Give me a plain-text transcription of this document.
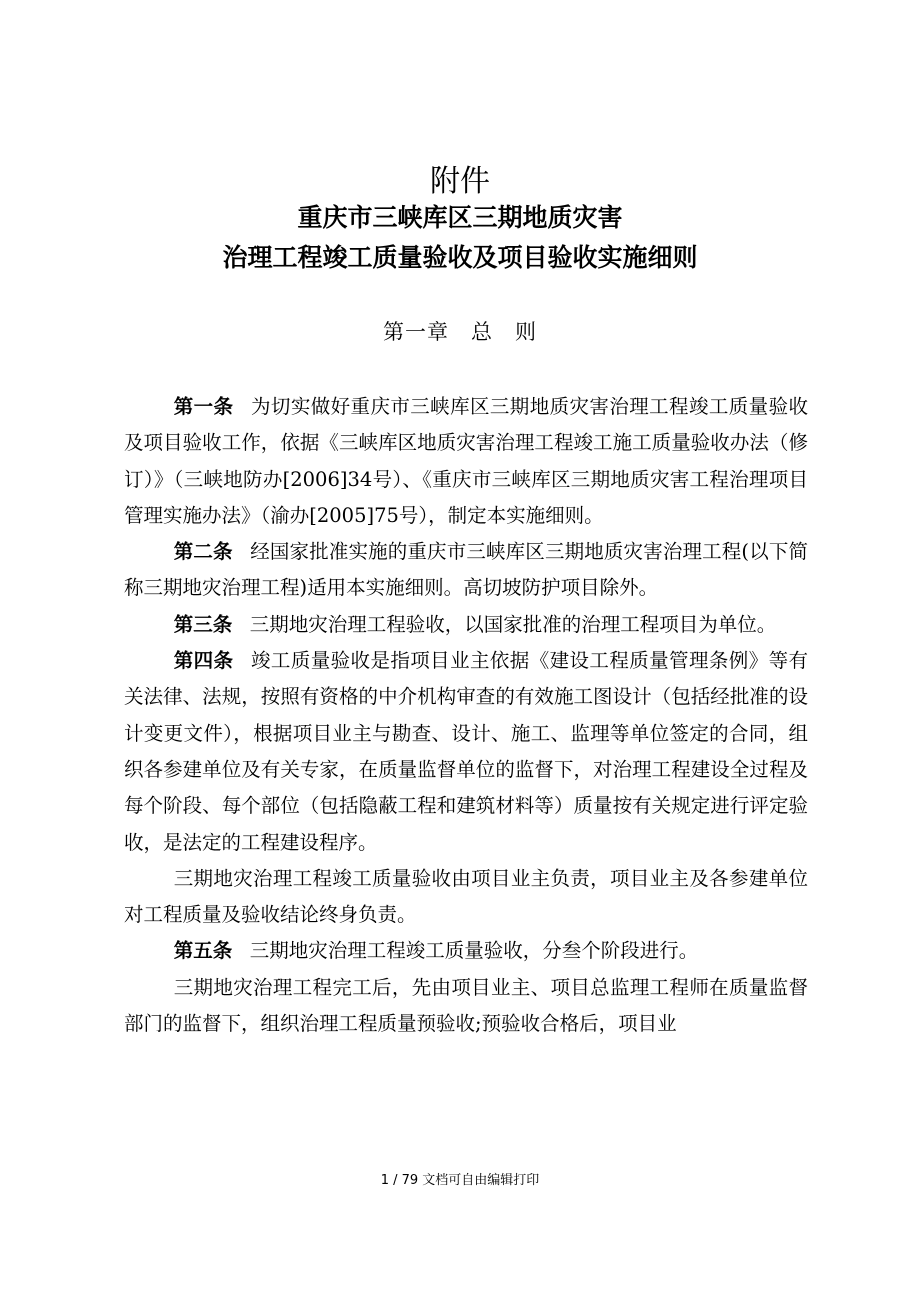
附件
重庆市三峡库区三期地质灾害
治理工程竣工质量验收及项目验收实施细则
第一章　总　则

第一条 为切实做好重庆市三峡库区三期地质灾害治理工程竣工质量验收及项目验收工作，依据《三峡库区地质灾害治理工程竣工施工质量验收办法（修订）》（三峡地防办[2006]34号）、《重庆市三峡库区三期地质灾害工程治理项目管理实施办法》（渝办[2005]75号），制定本实施细则。

第二条 经国家批准实施的重庆市三峡库区三期地质灾害治理工程(以下简称三期地灾治理工程)适用本实施细则。高切坡防护项目除外。

第三条 三期地灾治理工程验收，以国家批准的治理工程项目为单位。

第四条 竣工质量验收是指项目业主依据《建设工程质量管理条例》等有关法律、法规，按照有资格的中介机构审查的有效施工图设计（包括经批准的设计变更文件），根据项目业主与勘查、设计、施工、监理等单位签定的合同，组织各参建单位及有关专家，在质量监督单位的监督下，对治理工程建设全过程及每个阶段、每个部位（包括隐蔽工程和建筑材料等）质量按有关规定进行评定验收，是法定的工程建设程序。

三期地灾治理工程竣工质量验收由项目业主负责，项目业主及各参建单位对工程质量及验收结论终身负责。

第五条 三期地灾治理工程竣工质量验收，分叁个阶段进行。

三期地灾治理工程完工后，先由项目业主、项目总监理工程师在质量监督部门的监督下，组织治理工程质量预验收;预验收合格后，项目业

1 / 79 文档可自由编辑打印
